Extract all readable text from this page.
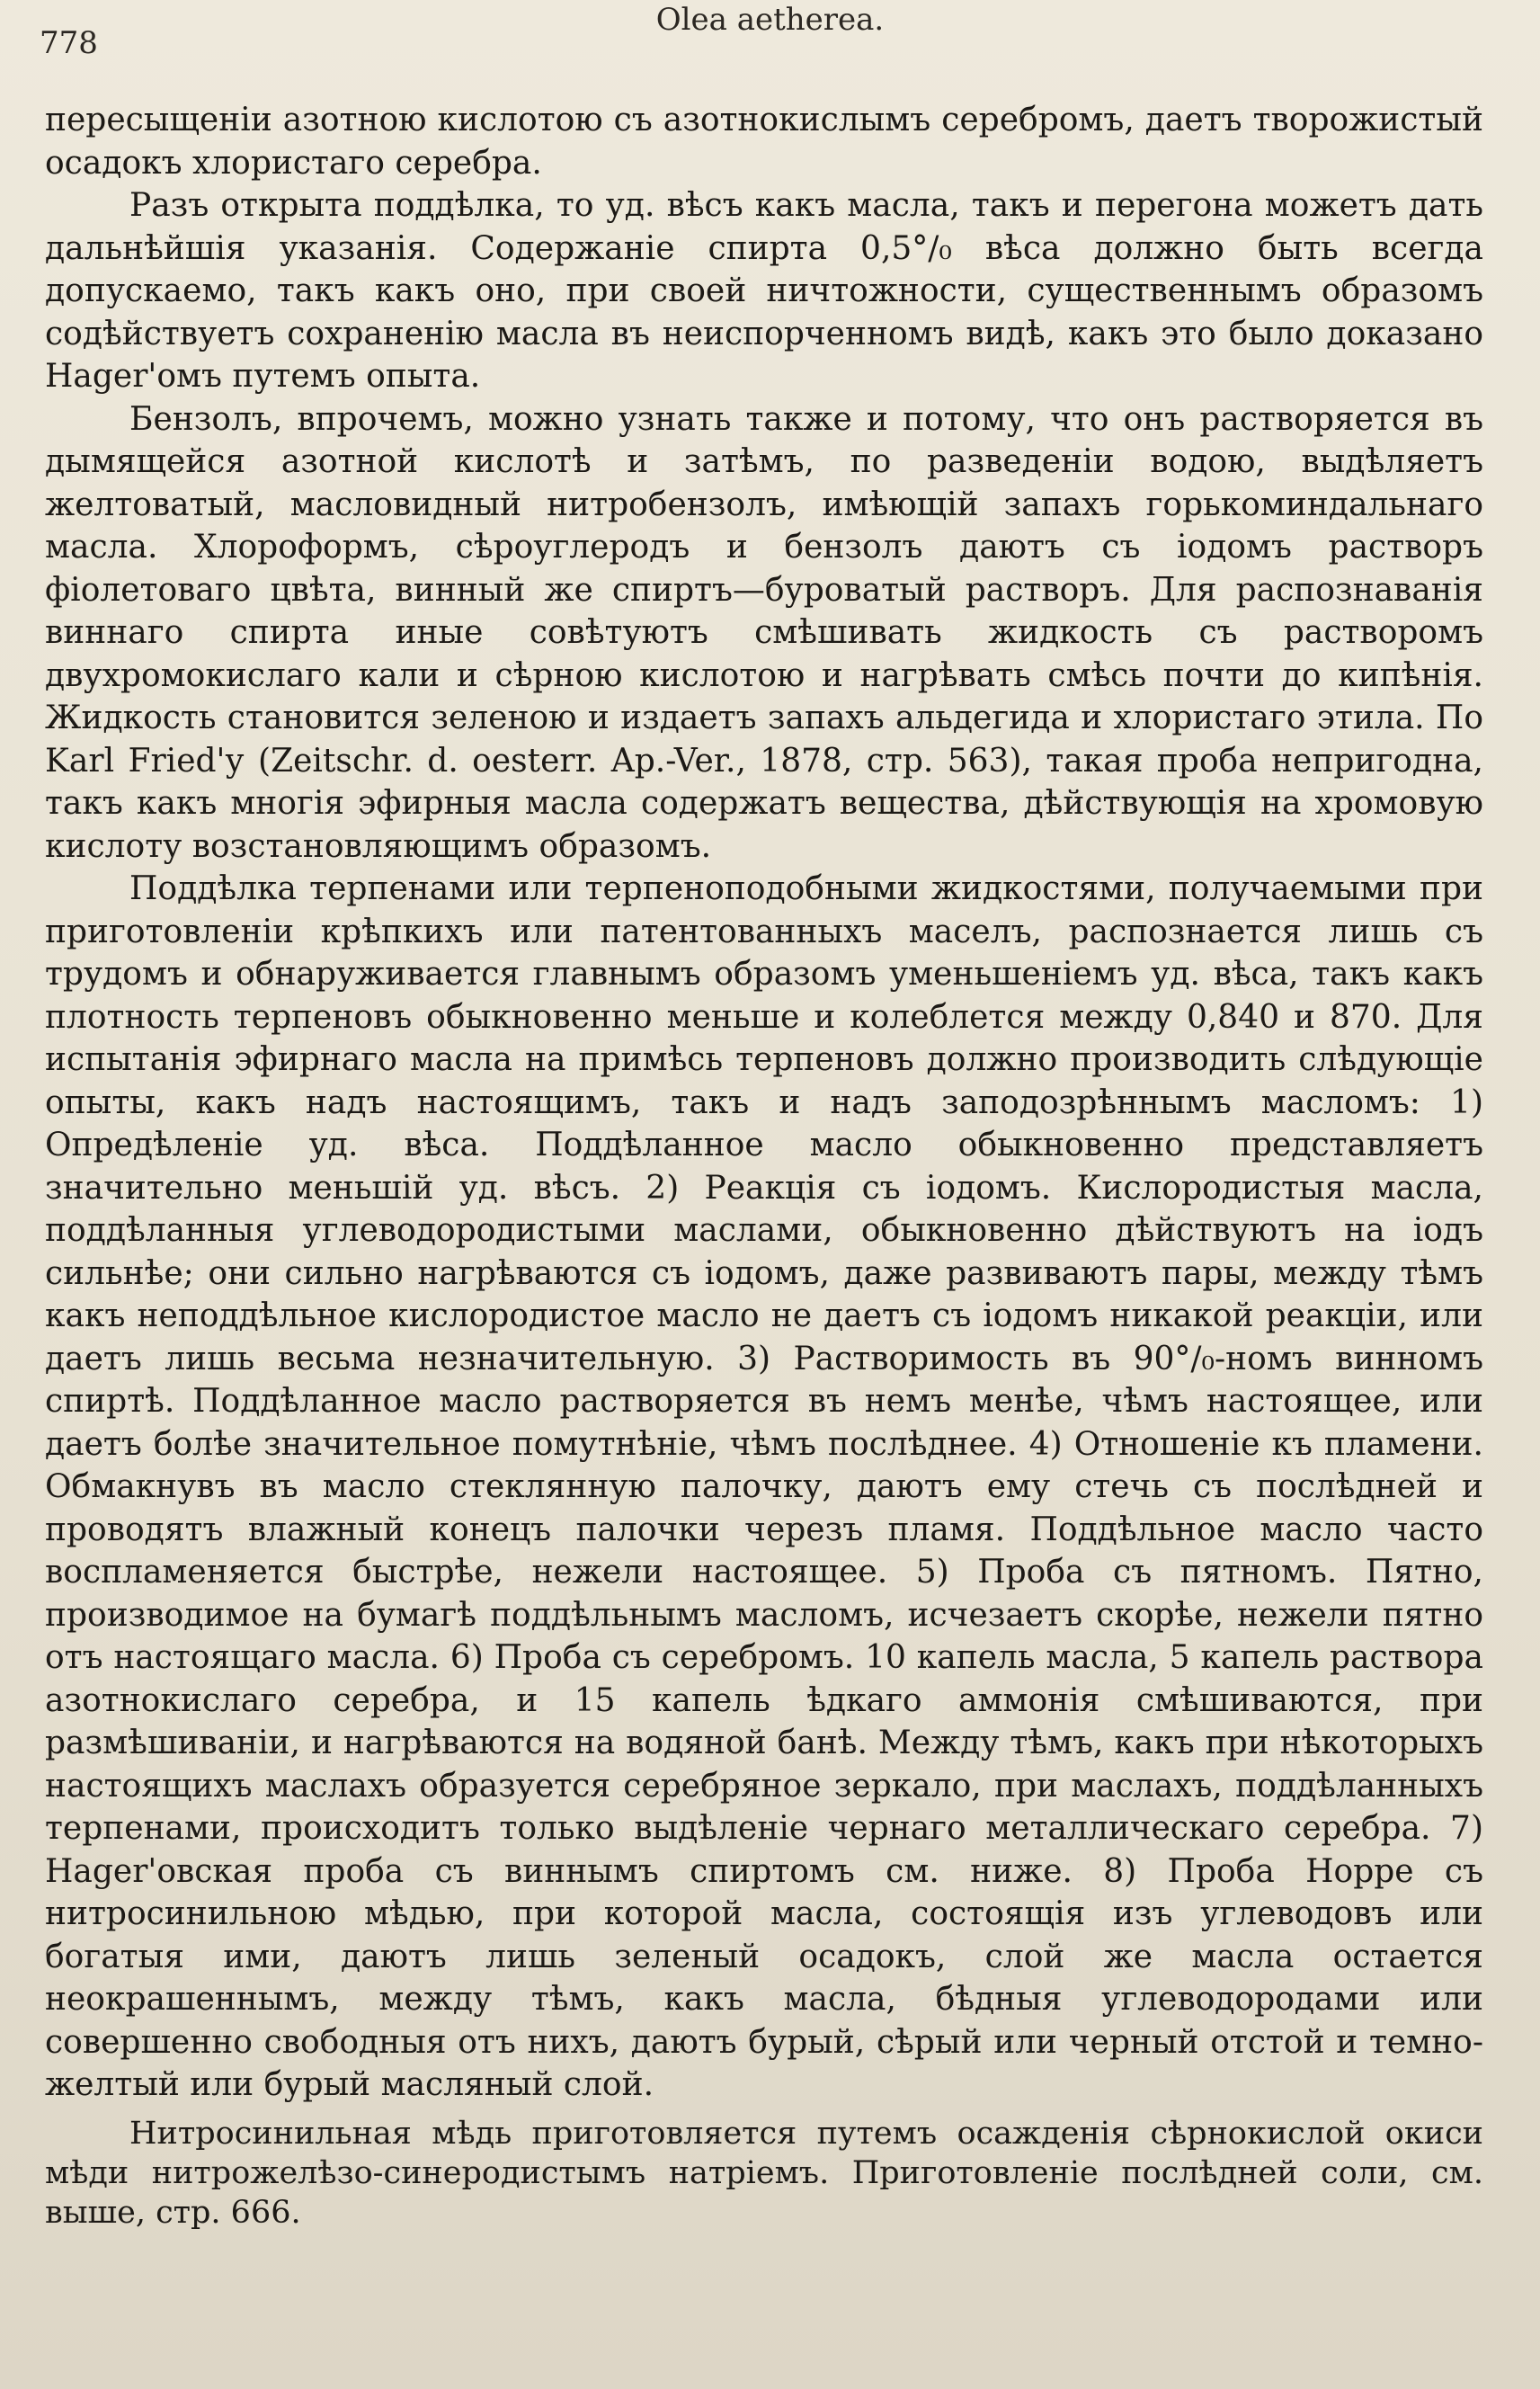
778
Olea aetherea.

пересыщенiи азотною кислотою съ азотнокислымъ серебромъ, даетъ творожистый осадокъ хлористаго серебра.

Разъ открыта поддѣлка, то уд. вѣсъ какъ масла, такъ и перегона можетъ дать дальнѣйшiя указанiя. Содержанiе спирта 0,5°/₀ вѣса должно быть всегда допускаемо, такъ какъ оно, при своей ничтожности, существеннымъ образомъ содѣйствуетъ сохраненiю масла въ неиспорченномъ видѣ, какъ это было доказано Hager'омъ путемъ опыта.

Бензолъ, впрочемъ, можно узнать также и потому, что онъ растворяется въ дымящейся азотной кислотѣ и затѣмъ, по разведенiи водою, выдѣляетъ желтоватый, масловидный нитробензолъ, имѣющiй запахъ горькоминдальнаго масла. Хлороформъ, сѣроуглеродъ и бензолъ даютъ съ iодомъ растворъ фiолетоваго цвѣта, винный же спиртъ—буроватый растворъ. Для распознаванiя виннаго спирта иные совѣтуютъ смѣшивать жидкость съ растворомъ двухромокислаго кали и сѣрною кислотою и нагрѣвать смѣсь почти до кипѣнiя. Жидкость становится зеленою и издаетъ запахъ альдегида и хлористаго этила. По Karl Fried'у (Zeitschr. d. oesterr. Ap.-Ver., 1878, стр. 563), такая проба непригодна, такъ какъ многiя эфирныя масла содержатъ вещества, дѣйствующiя на хромовую кислоту возстановляющимъ образомъ.

Поддѣлка терпенами или терпеноподобными жидкостями, получаемыми при приготовленiи крѣпкихъ или патентованныхъ маселъ, распознается лишь съ трудомъ и обнаруживается главнымъ образомъ уменьшенiемъ уд. вѣса, такъ какъ плотность терпеновъ обыкновенно меньше и колеблется между 0,840 и 870. Для испытанiя эфирнаго масла на примѣсь терпеновъ должно производить слѣдующiе опыты, какъ надъ настоящимъ, такъ и надъ заподозрѣннымъ масломъ: 1) Опредѣленiе уд. вѣса. Поддѣланное масло обыкновенно представляетъ значительно меньшiй уд. вѣсъ. 2) Реакцiя съ iодомъ. Кислородистыя масла, поддѣланныя углеводородистыми маслами, обыкновенно дѣйствуютъ на iодъ сильнѣе; они сильно нагрѣваются съ iодомъ, даже развиваютъ пары, между тѣмъ какъ неподдѣльное кислородистое масло не даетъ съ iодомъ никакой реакцiи, или даетъ лишь весьма незначительную. 3) Растворимость въ 90°/₀-номъ винномъ спиртѣ. Поддѣланное масло растворяется въ немъ менѣе, чѣмъ настоящее, или даетъ болѣе значительное помутнѣнiе, чѣмъ послѣднее. 4) Отношенiе къ пламени. Обмакнувъ въ масло стеклянную палочку, даютъ ему стечь съ послѣдней и проводятъ влажный конецъ палочки черезъ пламя. Поддѣльное масло часто воспламеняется быстрѣе, нежели настоящее. 5) Проба съ пятномъ. Пятно, производимое на бумагѣ поддѣльнымъ масломъ, исчезаетъ скорѣе, нежели пятно отъ настоящаго масла. 6) Проба съ серебромъ. 10 капель масла, 5 капель раствора азотнокислаго серебра, и 15 капель ѣдкаго аммонiя смѣшиваются, при размѣшиванiи, и нагрѣваются на водяной банѣ. Между тѣмъ, какъ при нѣкоторыхъ настоящихъ маслахъ образуется серебряное зеркало, при маслахъ, поддѣланныхъ терпенами, происходитъ только выдѣленiе чернаго металлическаго серебра. 7) Hager'овская проба съ виннымъ спиртомъ см. ниже. 8) Проба Hoppe съ нитросинильною мѣдью, при которой масла, состоящiя изъ углеводовъ или богатыя ими, даютъ лишь зеленый осадокъ, слой же масла остается неокрашеннымъ, между тѣмъ, какъ масла, бѣдныя углеводородами или совершенно свободныя отъ нихъ, даютъ бурый, сѣрый или черный отстой и темно-желтый или бурый масляный слой.

Нитросинильная мѣдь приготовляется путемъ осажденiя сѣрнокислой окиси мѣди нитрожелѣзо-синеродистымъ натрiемъ. Приготовленiе послѣдней соли, см. выше, стр. 666.
